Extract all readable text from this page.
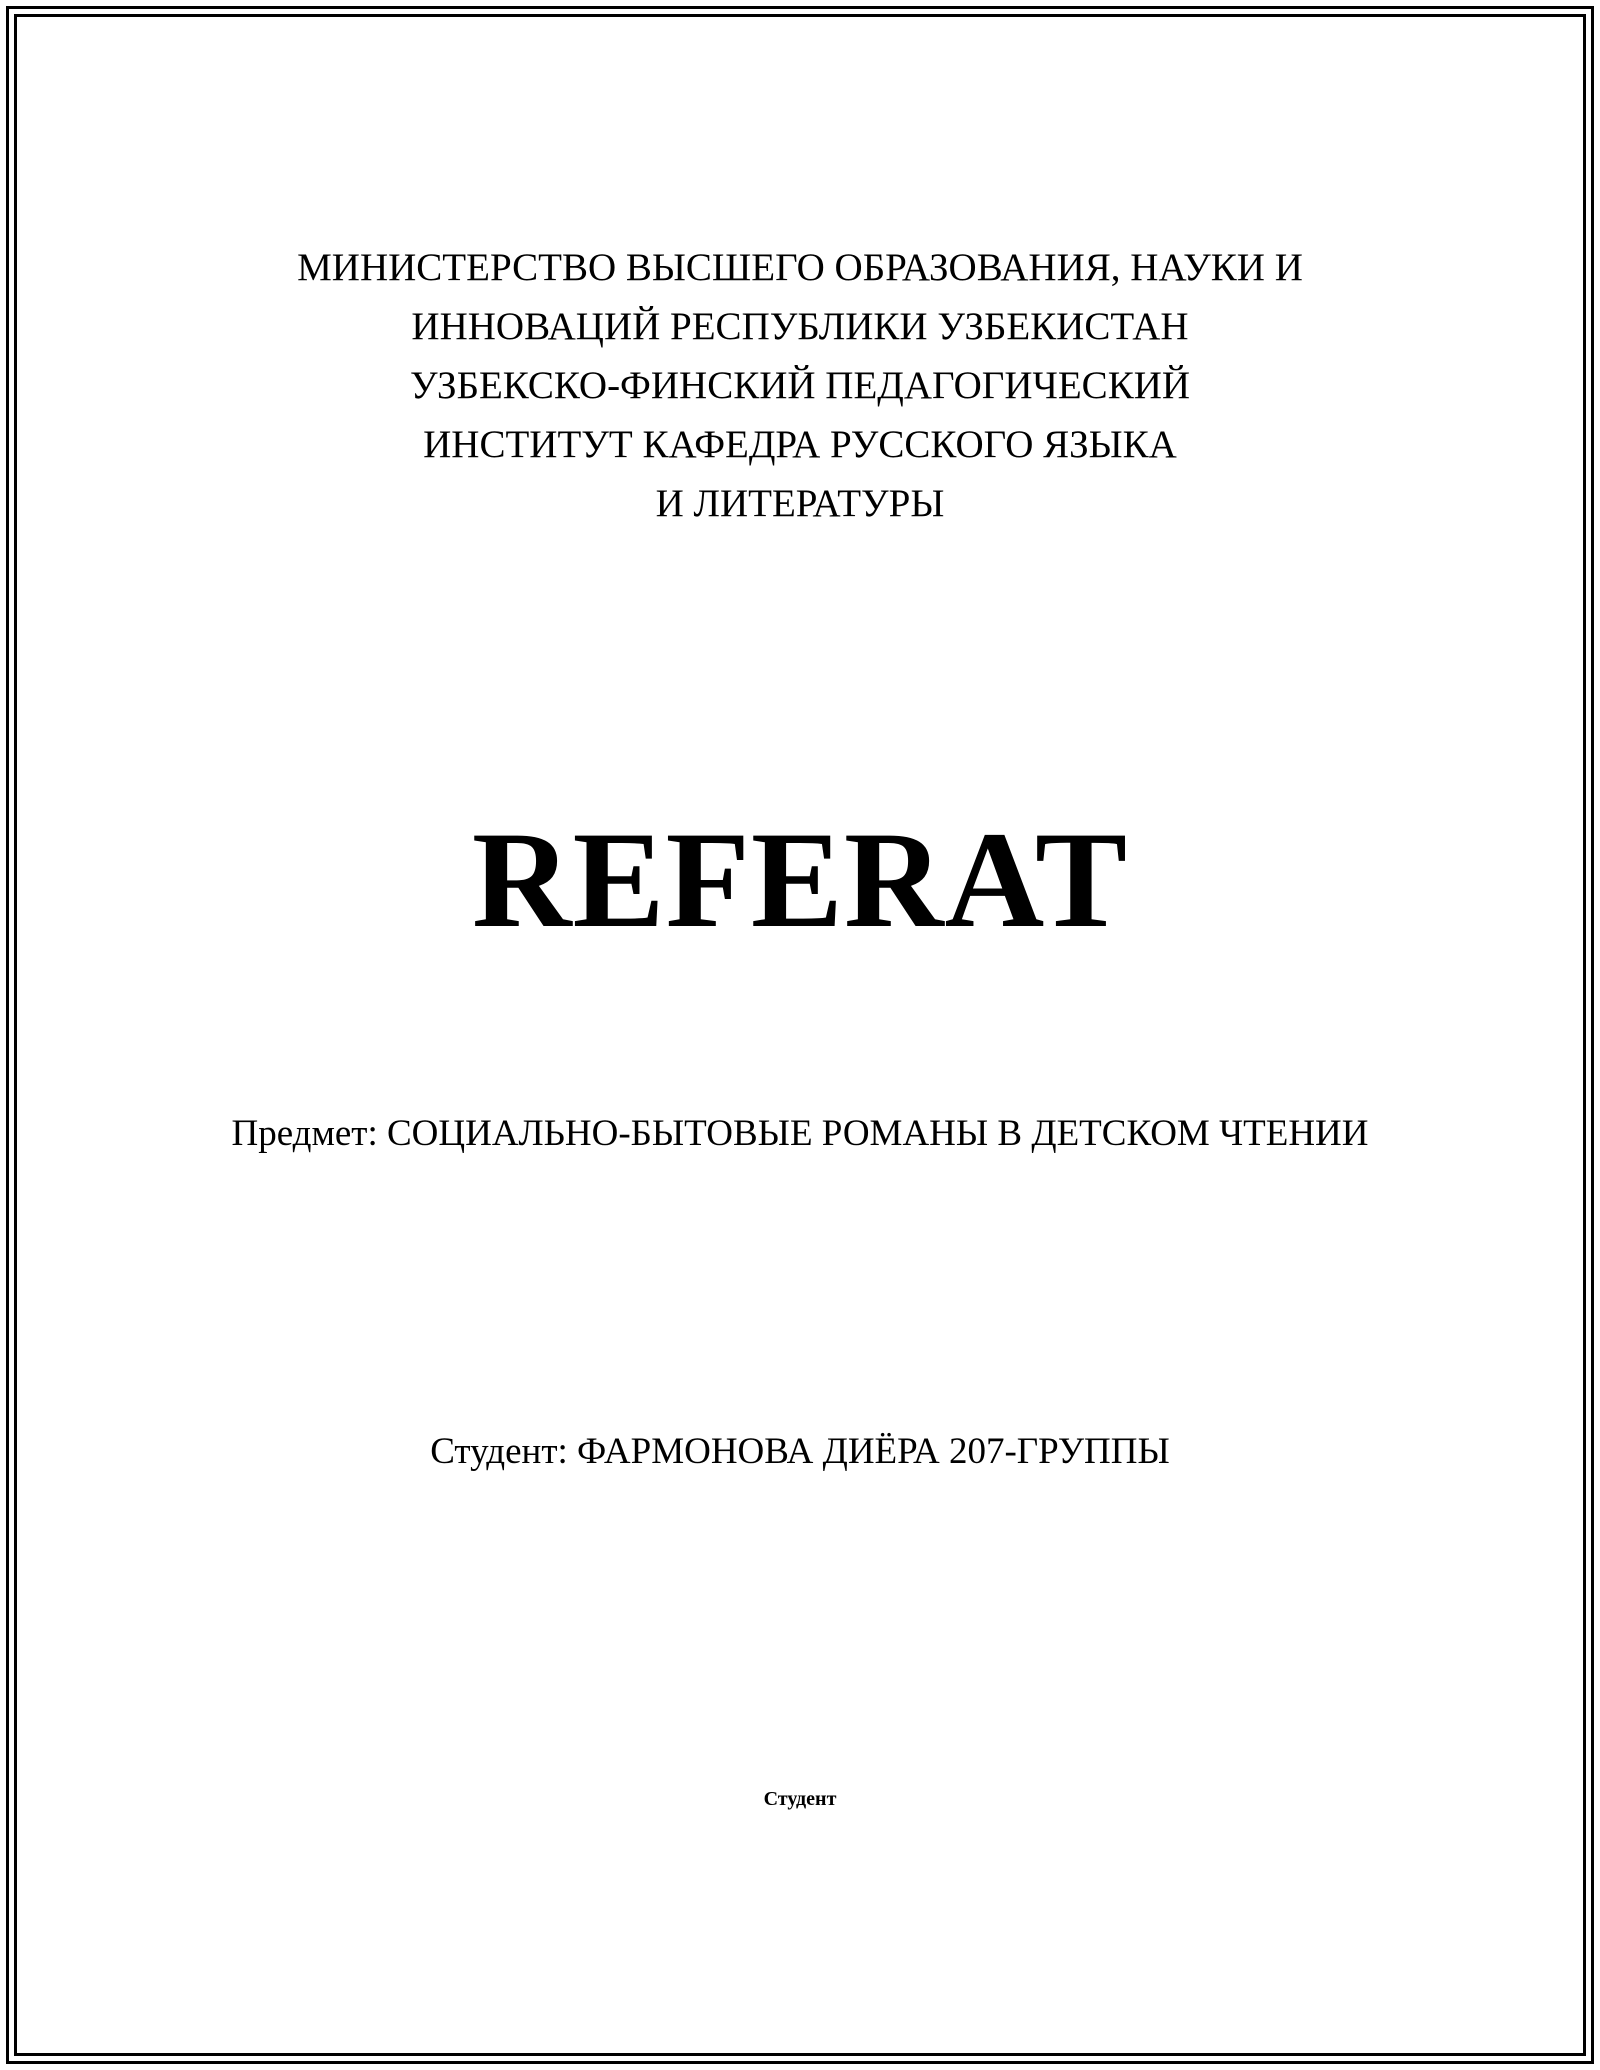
МИНИСТЕРСТВО ВЫСШЕГО ОБРАЗОВАНИЯ, НАУКИ И
ИННОВАЦИЙ РЕСПУБЛИКИ УЗБЕКИСТАН
УЗБЕКСКО-ФИНСКИЙ ПЕДАГОГИЧЕСКИЙ
ИНСТИТУТ КАФЕДРА РУССКОГО ЯЗЫКА
И ЛИТЕРАТУРЫ
REFERAT
Предмет: СОЦИАЛЬНО-БЫТОВЫЕ РОМАНЫ В ДЕТСКОМ ЧТЕНИИ
Студент: ФАРМОНОВА ДИЁРА 207-ГРУППЫ
Студент
